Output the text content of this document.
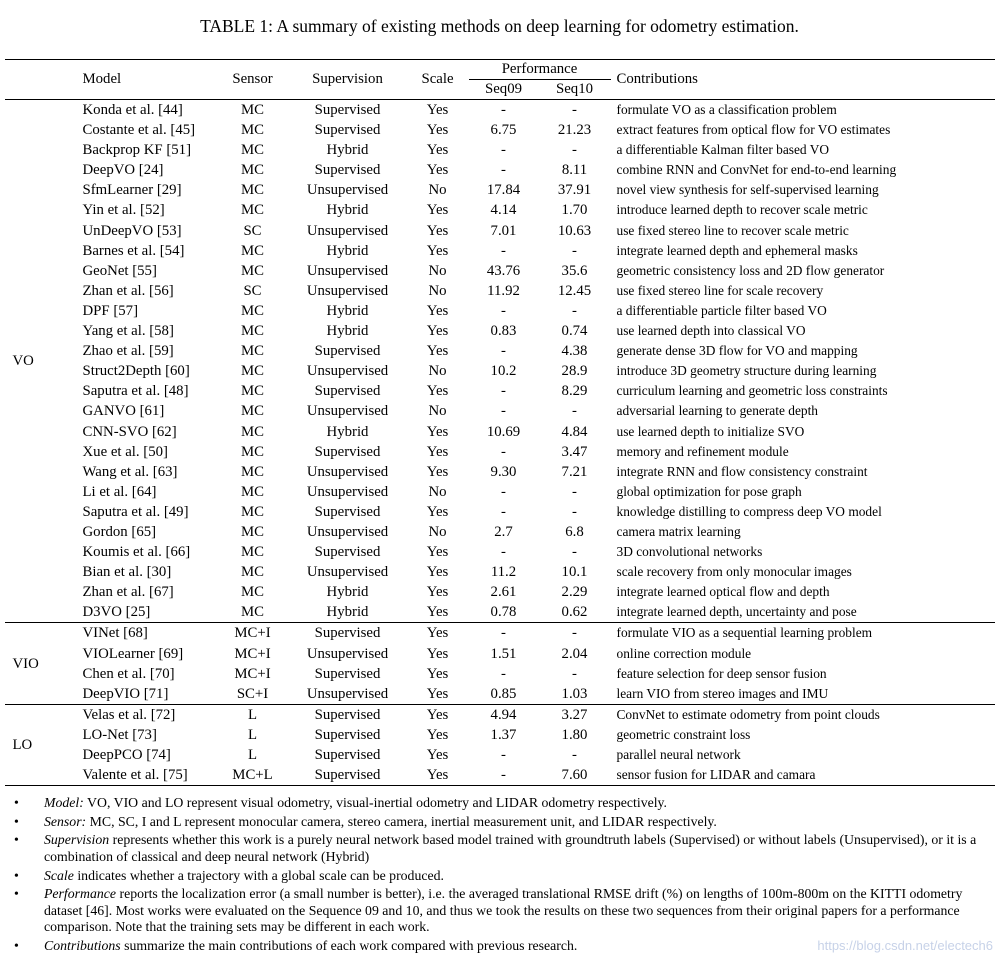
TABLE 1: A summary of existing methods on deep learning for odometry estimation.
	Model	Sensor	Supervision	Scale	Performance		Contributions
					Seq09	Seq10	
VO	Konda et al. [44]	MC	Supervised	Yes	-	-	formulate VO as a classification problem
	Costante et al. [45]	MC	Supervised	Yes	6.75	21.23	extract features from optical flow for VO estimates
	Backprop KF [51]	MC	Hybrid	Yes	-	-	a differentiable Kalman filter based VO
	DeepVO [24]	MC	Supervised	Yes	-	8.11	combine RNN and ConvNet for end-to-end learning
	SfmLearner [29]	MC	Unsupervised	No	17.84	37.91	novel view synthesis for self-supervised learning
	Yin et al. [52]	MC	Hybrid	Yes	4.14	1.70	introduce learned depth to recover scale metric
	UnDeepVO [53]	SC	Unsupervised	Yes	7.01	10.63	use fixed stereo line to recover scale metric
	Barnes et al. [54]	MC	Hybrid	Yes	-	-	integrate learned depth and ephemeral masks
	GeoNet [55]	MC	Unsupervised	No	43.76	35.6	geometric consistency loss and 2D flow generator
	Zhan et al. [56]	SC	Unsupervised	No	11.92	12.45	use fixed stereo line for scale recovery
	DPF [57]	MC	Hybrid	Yes	-	-	a differentiable particle filter based VO
	Yang et al. [58]	MC	Hybrid	Yes	0.83	0.74	use learned depth into classical VO
	Zhao et al. [59]	MC	Supervised	Yes	-	4.38	generate dense 3D flow for VO and mapping
	Struct2Depth [60]	MC	Unsupervised	No	10.2	28.9	introduce 3D geometry structure during learning
	Saputra et al. [48]	MC	Supervised	Yes	-	8.29	curriculum learning and geometric loss constraints
	GANVO [61]	MC	Unsupervised	No	-	-	adversarial learning to generate depth
	CNN-SVO [62]	MC	Hybrid	Yes	10.69	4.84	use learned depth to initialize SVO
	Xue et al. [50]	MC	Supervised	Yes	-	3.47	memory and refinement module
	Wang et al. [63]	MC	Unsupervised	Yes	9.30	7.21	integrate RNN and flow consistency constraint
	Li et al. [64]	MC	Unsupervised	No	-	-	global optimization for pose graph
	Saputra et al. [49]	MC	Supervised	Yes	-	-	knowledge distilling to compress deep VO model
	Gordon [65]	MC	Unsupervised	No	2.7	6.8	camera matrix learning
	Koumis et al. [66]	MC	Supervised	Yes	-	-	3D convolutional networks
	Bian et al. [30]	MC	Unsupervised	Yes	11.2	10.1	scale recovery from only monocular images
	Zhan et al. [67]	MC	Hybrid	Yes	2.61	2.29	integrate learned optical flow and depth
	D3VO [25]	MC	Hybrid	Yes	0.78	0.62	integrate learned depth, uncertainty and pose
VIO	VINet [68]	MC+I	Supervised	Yes	-	-	formulate VIO as a sequential learning problem
	VIOLearner [69]	MC+I	Unsupervised	Yes	1.51	2.04	online correction module
	Chen et al. [70]	MC+I	Supervised	Yes	-	-	feature selection for deep sensor fusion
	DeepVIO [71]	SC+I	Unsupervised	Yes	0.85	1.03	learn VIO from stereo images and IMU
LO	Velas et al. [72]	L	Supervised	Yes	4.94	3.27	ConvNet to estimate odometry from point clouds
	LO-Net [73]	L	Supervised	Yes	1.37	1.80	geometric constraint loss
	DeepPCO [74]	L	Supervised	Yes	-	-	parallel neural network
	Valente et al. [75]	MC+L	Supervised	Yes	-	7.60	sensor fusion for LIDAR and camara
• Model: VO, VIO and LO represent visual odometry, visual-inertial odometry and LIDAR odometry respectively.
• Sensor: MC, SC, I and L represent monocular camera, stereo camera, inertial measurement unit, and LIDAR respectively.
• Supervision represents whether this work is a purely neural network based model trained with groundtruth labels (Supervised) or without labels (Unsupervised), or it is a combination of classical and deep neural network (Hybrid)
• Scale indicates whether a trajectory with a global scale can be produced.
• Performance reports the localization error (a small number is better), i.e. the averaged translational RMSE drift (%) on lengths of 100m-800m on the KITTI odometry dataset [46]. Most works were evaluated on the Sequence 09 and 10, and thus we took the results on these two sequences from their original papers for a performance comparison. Note that the training sets may be different in each work.
• Contributions summarize the main contributions of each work compared with previous research.	https://blog.csdn.net/electech6
